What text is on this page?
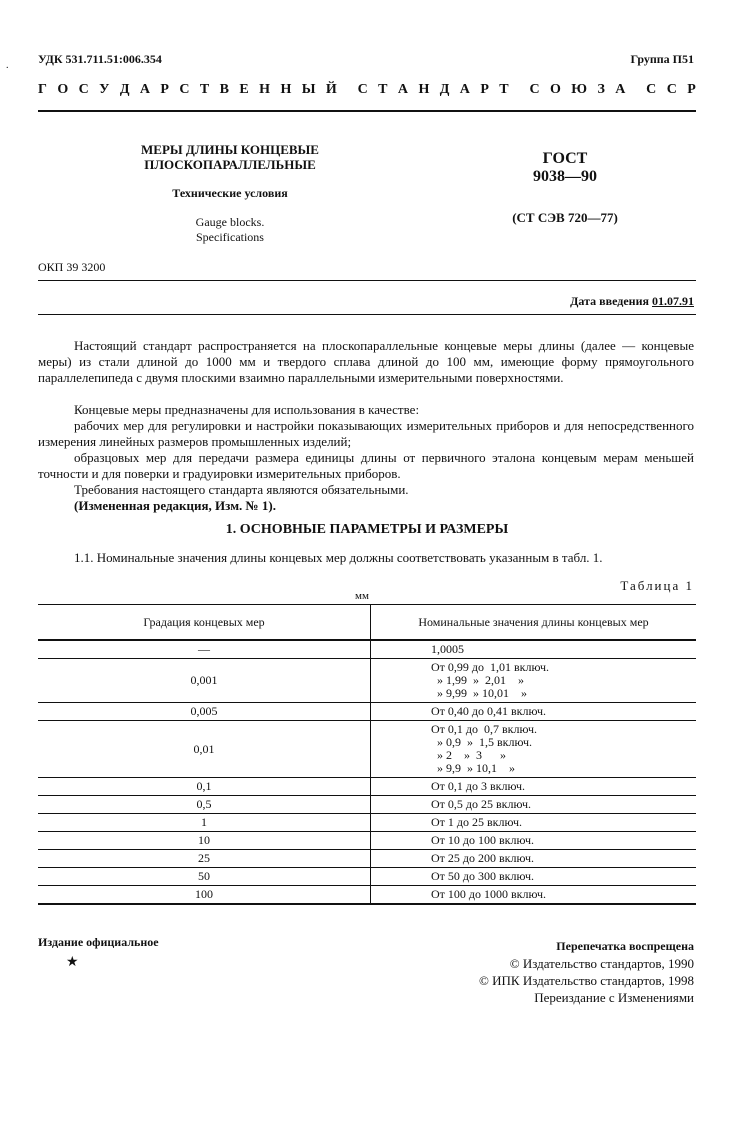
УДК 531.711.51:006.354
.	Группа П51
Г О С У Д А Р С Т В Е Н Н Ы Й С Т А Н Д А Р Т С О Ю З А С С Р
МЕРЫ ДЛИНЫ КОНЦЕВЫЕ
ПЛОСКОПАРАЛЛЕЛЬНЫЕ
Технические условия
Gauge blocks.
Specifications
ГОСТ
9038—90
(СТ СЭВ 720—77)
ОКП 39 3200
Дата введения 01.07.91
Настоящий стандарт распространяется на плоскопараллельные концевые меры длины (далее — концевые меры) из стали длиной до 1000 мм и твердого сплава длиной до 100 мм, имеющие форму прямоугольного параллелепипеда с двумя плоскими взаимно параллельными измерительными поверхностями.
Концевые меры предназначены для использования в качестве:
рабочих мер для регулировки и настройки показывающих измерительных приборов и для непосредственного измерения линейных размеров промышленных изделий;
образцовых мер для передачи размера единицы длины от первичного эталона концевым мерам меньшей точности и для поверки и градуировки измерительных приборов.
Требования настоящего стандарта являются обязательными.
(Измененная редакция, Изм. № 1).
1. ОСНОВНЫЕ ПАРАМЕТРЫ И РАЗМЕРЫ
1.1. Номинальные значения длины концевых мер должны соответствовать указанным в табл. 1.
Таблица 1
мм
Градация концевых мер	Номинальные значения длины концевых мер
—	1,0005

0,001	От 0,99 до  1,01 включ.
» 1,99  »  2,01    »
» 9,99  » 10,01    »

0,005	От 0,40 до 0,41 включ.

0,01	От 0,1 до  0,7 включ.
» 0,9  »  1,5 включ.
» 2    »  3      »
» 9,9  » 10,1    »

0,1	От 0,1 до 3 включ.

0,5	От 0,5 до 25 включ.

1	От 1 до 25 включ.

10	От 10 до 100 включ.

25	От 25 до 200 включ.

50	От 50 до 300 включ.

100	От 100 до 1000 включ.
Издание официальное
★
Перепечатка воспрещена
© Издательство стандартов, 1990
© ИПК Издательство стандартов, 1998
Переиздание с Изменениями
